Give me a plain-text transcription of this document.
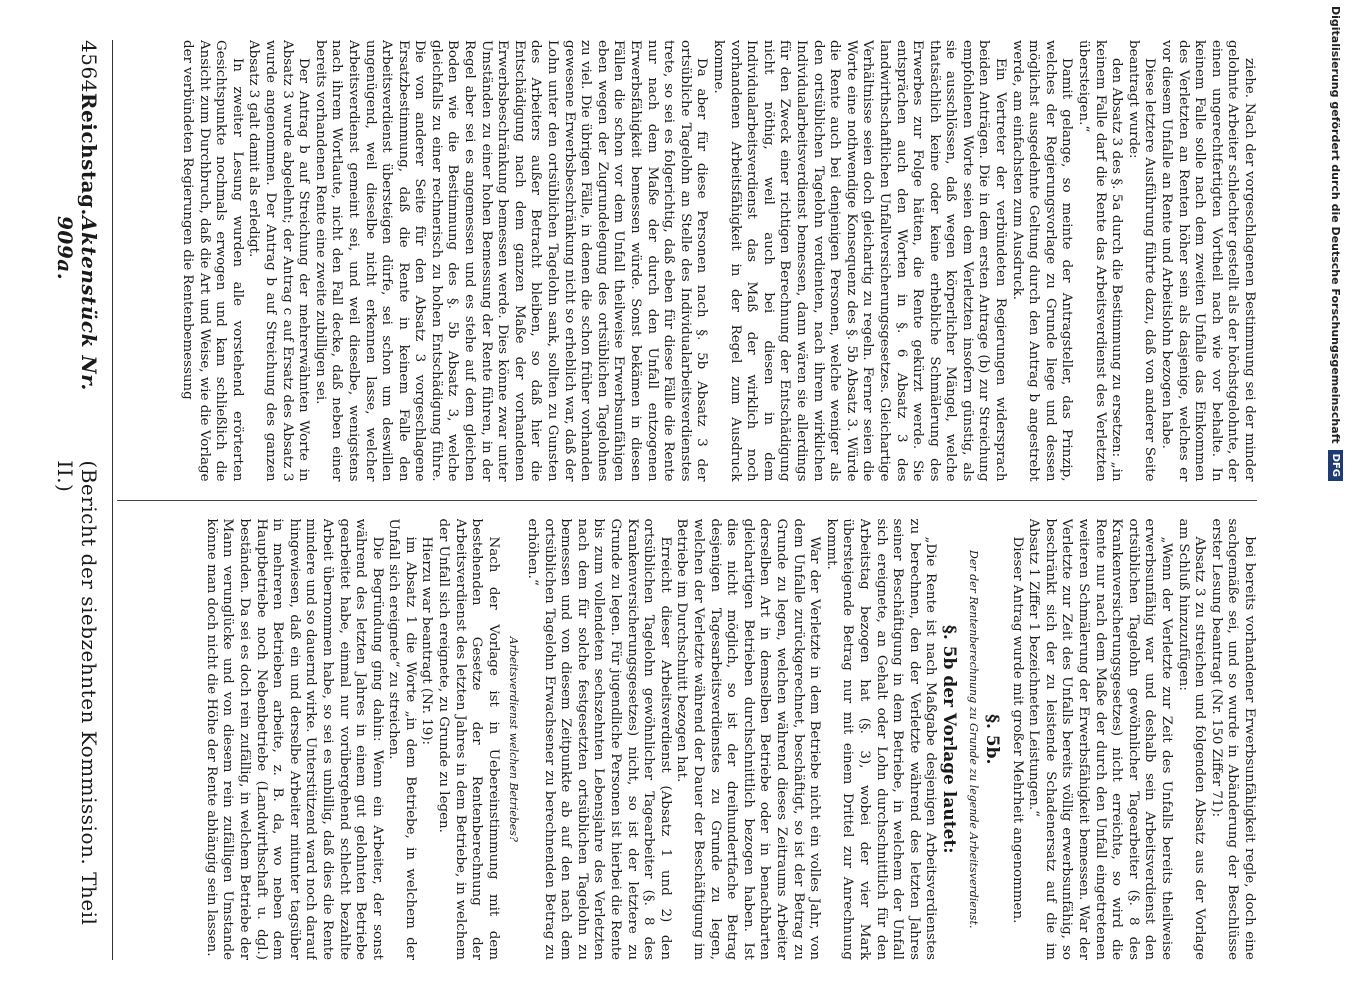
Digitalisierung gefördert durch die Deutsche Forschungsgemeinschaft
DFG

ziehe. Nach der vorgeschlagenen Bestimmung sei der minder gelohnte Arbeiter schlechter gestellt als der höchstgelohnte, der einen ungerechtfertigten Vortheil nach wie vor behalte. In keinem Falle solle nach dem zweiten Unfalle das Einkommen des Verletzten an Renten höher sein als dasjenige, welches er vor diesem Unfalle an Rente und Arbeitslohn bezogen habe.

Diese letztere Ausführung führte dazu, daß von anderer Seite beantragt wurde:

den Absatz 3 des §. 5a durch die Bestimmung zu ersetzen: „in keinem Falle darf die Rente das Arbeitsverdienst des Verletzten übersteigen.“

Damit gelange, so meinte der Antragsteller, das Prinzip, welches der Regierungsvorlage zu Grunde liege und dessen möglichst ausgedehnte Geltung durch den Antrag b angestrebt werde, am einfachsten zum Ausdruck.

Ein Vertreter der verbündeten Regierungen widersprach beiden Anträgen. Die in dem ersten Antrage (b) zur Streichung empfohlenen Worte seien dem Verletzten insofern günstig, als sie ausschlössen, daß wegen körperlicher Mängel, welche thatsächlich keine oder keine erhebliche Schmälerung des Erwerbes zur Folge hätten, die Rente gekürzt werde. Sie entsprächen auch den Worten in §. 6 Absatz 3 des landwirthschaftlichen Unfallversicherungsgesetzes. Gleichartige Verhältnisse seien doch gleichartig zu regeln. Ferner seien die Worte eine nothwendige Konsequenz des §. 5b Absatz 3. Würde die Rente auch bei denjenigen Personen, welche weniger als den ortsüblichen Tagelohn verdienten, nach ihrem wirklichen Individualarbeitsverdienst bemessen, dann wären sie allerdings für den Zweck einer richtigen Berechnung der Entschädigung nicht nöthig, weil auch bei diesen in dem Individualarbeitsverdienst das Maß der wirklich noch vorhandenen Arbeitsfähigkeit in der Regel zum Ausdruck komme.

Da aber für diese Personen nach §. 5b Absatz 3 der ortsübliche Tagelohn an Stelle des Individualarbeitsverdienstes trete, so sei es folgerichtig, daß eben für diese Fälle die Rente nur nach dem Maße der durch den Unfall entzogenen Erwerbsfähigkeit bemessen würde. Sonst bekämen in diesen Fällen die schon vor dem Unfall theilweise Erwerbsunfähigen eben wegen der Zugrundelegung des ortsüblichen Tagelohnes zu viel. Die übrigen Fälle, in denen die schon früher vorhanden gewesene Erwerbsbeschränkung nicht so erheblich war, daß der Lohn unter den ortsüblichen Tagelohn sank, sollten zu Gunsten des Arbeiters außer Betracht bleiben, so daß hier die Entschädigung nach dem ganzen Maße der vorhandenen Erwerbsbeschränkung bemessen werde. Dies könne zwar unter Umständen zu einer hohen Bemessung der Rente führen, in der Regel aber sei es angemessen und es stehe auf dem gleichen Boden wie die Bestimmung des §. 5b Absatz 3, welche gleichfalls zu einer rechnerisch zu hohen Entschädigung führe. Die von anderer Seite für den Absatz 3 vorgeschlagene Ersatzbestimmung, daß die Rente in keinem Falle den Arbeitsverdienst übersteigen dürfe, sei schon um deswillen ungenügend, weil dieselbe nicht erkennen lasse, welcher Arbeitsverdienst gemeint sei, und weil dieselbe, wenigstens nach ihrem Wortlaute, nicht den Fall decke, daß neben einer bereits vorhandenen Rente eine zweite zubilligen sei.

Der Antrag b auf Streichung der mehrerwähnten Worte in Absatz 3 wurde abgelehnt; der Antrag c auf Ersatz des Absatz 3 wurde angenommen. Der Antrag b auf Streichung des ganzen Absatz 3 galt damit als erledigt.

In zweiter Lesung wurden alle vorstehend erörterten Gesichtspunkte nochmals erwogen und kam schließlich die Ansicht zum Durchbruch, daß die Art und Weise, wie die Vorlage der verbündeten Regierungen die Rentenbemessung

bei bereits vorhandener Erwerbsunfähigkeit regle, doch eine sachgemäße sei, und so wurde in Abänderung der Beschlüsse erster Lesung beantragt (Nr. 150 Ziffer 71):

Absatz 3 zu streichen und folgenden Absatz aus der Vorlage am Schluß hinzuzufügen:

„Wenn der Verletzte zur Zeit des Unfalls bereits theilweise erwerbsunfähig war und deshalb sein Arbeitsverdienst den ortsüblichen Tagelohn gewöhnlicher Tagearbeiter (§. 8 des Krankenversicherungsgesetzes) nicht erreichte, so wird die Rente nur nach dem Maße der durch den Unfall eingetretenen weiteren Schmälerung der Erwerbsfähigkeit bemessen. War der Verletzte zur Zeit des Unfalls bereits völlig erwerbsunfähig, so beschränkt sich der zu leistende Schadenersatz auf die im Absatz 1 Ziffer 1 bezeichneten Leistungen.“

Dieser Antrag wurde mit großer Mehrheit angenommen.

§. 5b.
Der der Rentenberechnung zu Grunde zu legende Arbeitsverdienst.
§. 5b der Vorlage lautet:

„Die Rente ist nach Maßgabe desjenigen Arbeitsverdienstes zu berechnen, den der Verletzte während des letzten Jahres seiner Beschäftigung in dem Betriebe, in welchem der Unfall sich ereignete, an Gehalt oder Lohn durchschnittlich für den Arbeitstag bezogen hat (§. 3), wobei der vier Mark übersteigende Betrag nur mit einem Drittel zur Anrechnung kommt.

War der Verletzte in dem Betriebe nicht ein volles Jahr, von dem Unfalle zurückgerechnet, beschäftigt, so ist der Betrag zu Grunde zu legen, welchen während dieses Zeitraums Arbeiter derselben Art in demselben Betriebe oder in benachbarten gleichartigen Betrieben durchschnittlich bezogen haben. Ist dies nicht möglich, so ist der dreihundertfache Betrag desjenigen Tagesarbeitsverdienstes zu Grunde zu legen, welchen der Verletzte während der Dauer der Beschäftigung im Betriebe im Durchschnitt bezogen hat.

Erreicht dieser Arbeitsverdienst (Absatz 1 und 2) den ortsüblichen Tagelohn gewöhnlicher Tagearbeiter (§. 8 des Krankenversicherungsgesetzes) nicht, so ist der letztere zu Grunde zu legen. Für jugendliche Personen ist hierbei die Rente bis zum vollendeten sechszehnten Lebensjahre des Verletzten nach dem für solche festgesetzten ortsüblichen Tagelohn zu bemessen und von diesem Zeitpunkte ab auf den nach dem ortsüblichen Tagelohn Erwachsener zu berechnenden Betrag zu erhöhen.“

Arbeitsverdienst welchen Betriebes?

Nach der Vorlage ist in Uebereinstimmung mit dem bestehenden Gesetze der Rentenberechnung der Arbeitsverdienst des letzten Jahres in dem Betriebe, in welchem der Unfall sich ereignete, zu Grunde zu legen.

Hierzu war beantragt (Nr. 19):

im Absatz 1 die Worte „in dem Betriebe, in welchem der Unfall sich ereignete“ zu streichen.

Die Begründung ging dahin: Wenn ein Arbeiter, der sonst während des letzten Jahres in einem gut gelohnten Betriebe gearbeitet habe, einmal nur vorübergehend schlecht bezahlte Arbeit übernommen habe, so sei es unbillig, daß dies die Rente mindere und so dauernd wirke. Unterstützend ward noch darauf hingewiesen, daß ein und derselbe Arbeiter mitunter tagsüber in mehreren Betrieben arbeite, z. B. da, wo neben dem Hauptbetriebe noch Nebenbetriebe (Landwirthschaft u. dgl.) beständen. Da sei es doch rein zufällig, in welchem Betriebe der Mann verunglücke und von diesem rein zufälligen Umstande könne man doch nicht die Höhe der Rente abhängig sein lassen.

4564
Reichstag.
Aktenstück Nr. 909a.
(Bericht der siebzehnten Kommission. Theil II.)
